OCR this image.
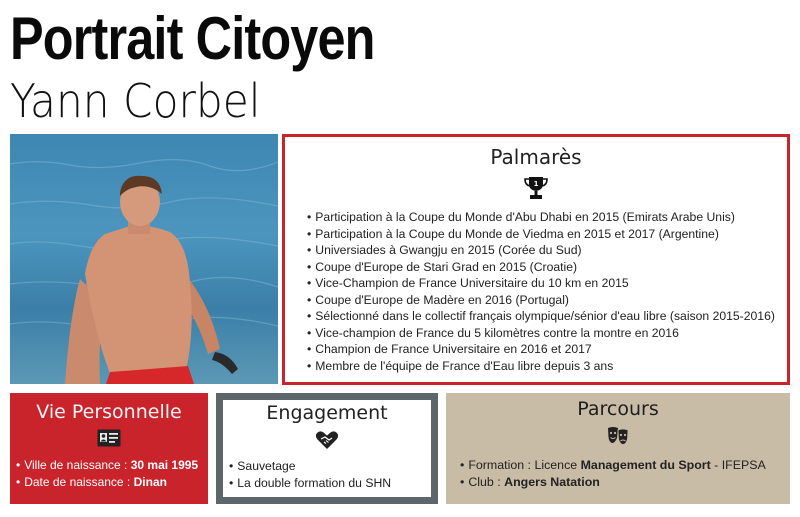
Portrait Citoyen
Yann Corbel

Palmarès

1
• Participation à la Coupe du Monde d'Abu Dhabi en 2015 (Emirats Arabe Unis)
• Participation à la Coupe du Monde de Viedma en 2015 et 2017 (Argentine)
• Universiades à Gwangju en 2015 (Corée du Sud)
• Coupe d'Europe de Stari Grad en 2015 (Croatie)
• Vice-Champion de France Universitaire du 10 km en 2015
• Coupe d'Europe de Madère en 2016 (Portugal)
• Sélectionné dans le collectif français olympique/sénior d'eau libre (saison 2015-2016)
• Vice-champion de France du 5 kilomètres contre la montre en 2016
• Champion de France Universitaire en 2016 et 2017
• Membre de l'équipe de France d'Eau libre depuis 3 ans

Vie Personnelle

• Ville de naissance : 30 mai 1995
• Date de naissance : Dinan

Engagement

• Sauvetage
• La double formation du SHN

Parcours

• Formation : Licence Management du Sport - IFEPSA
• Club : Angers Natation
